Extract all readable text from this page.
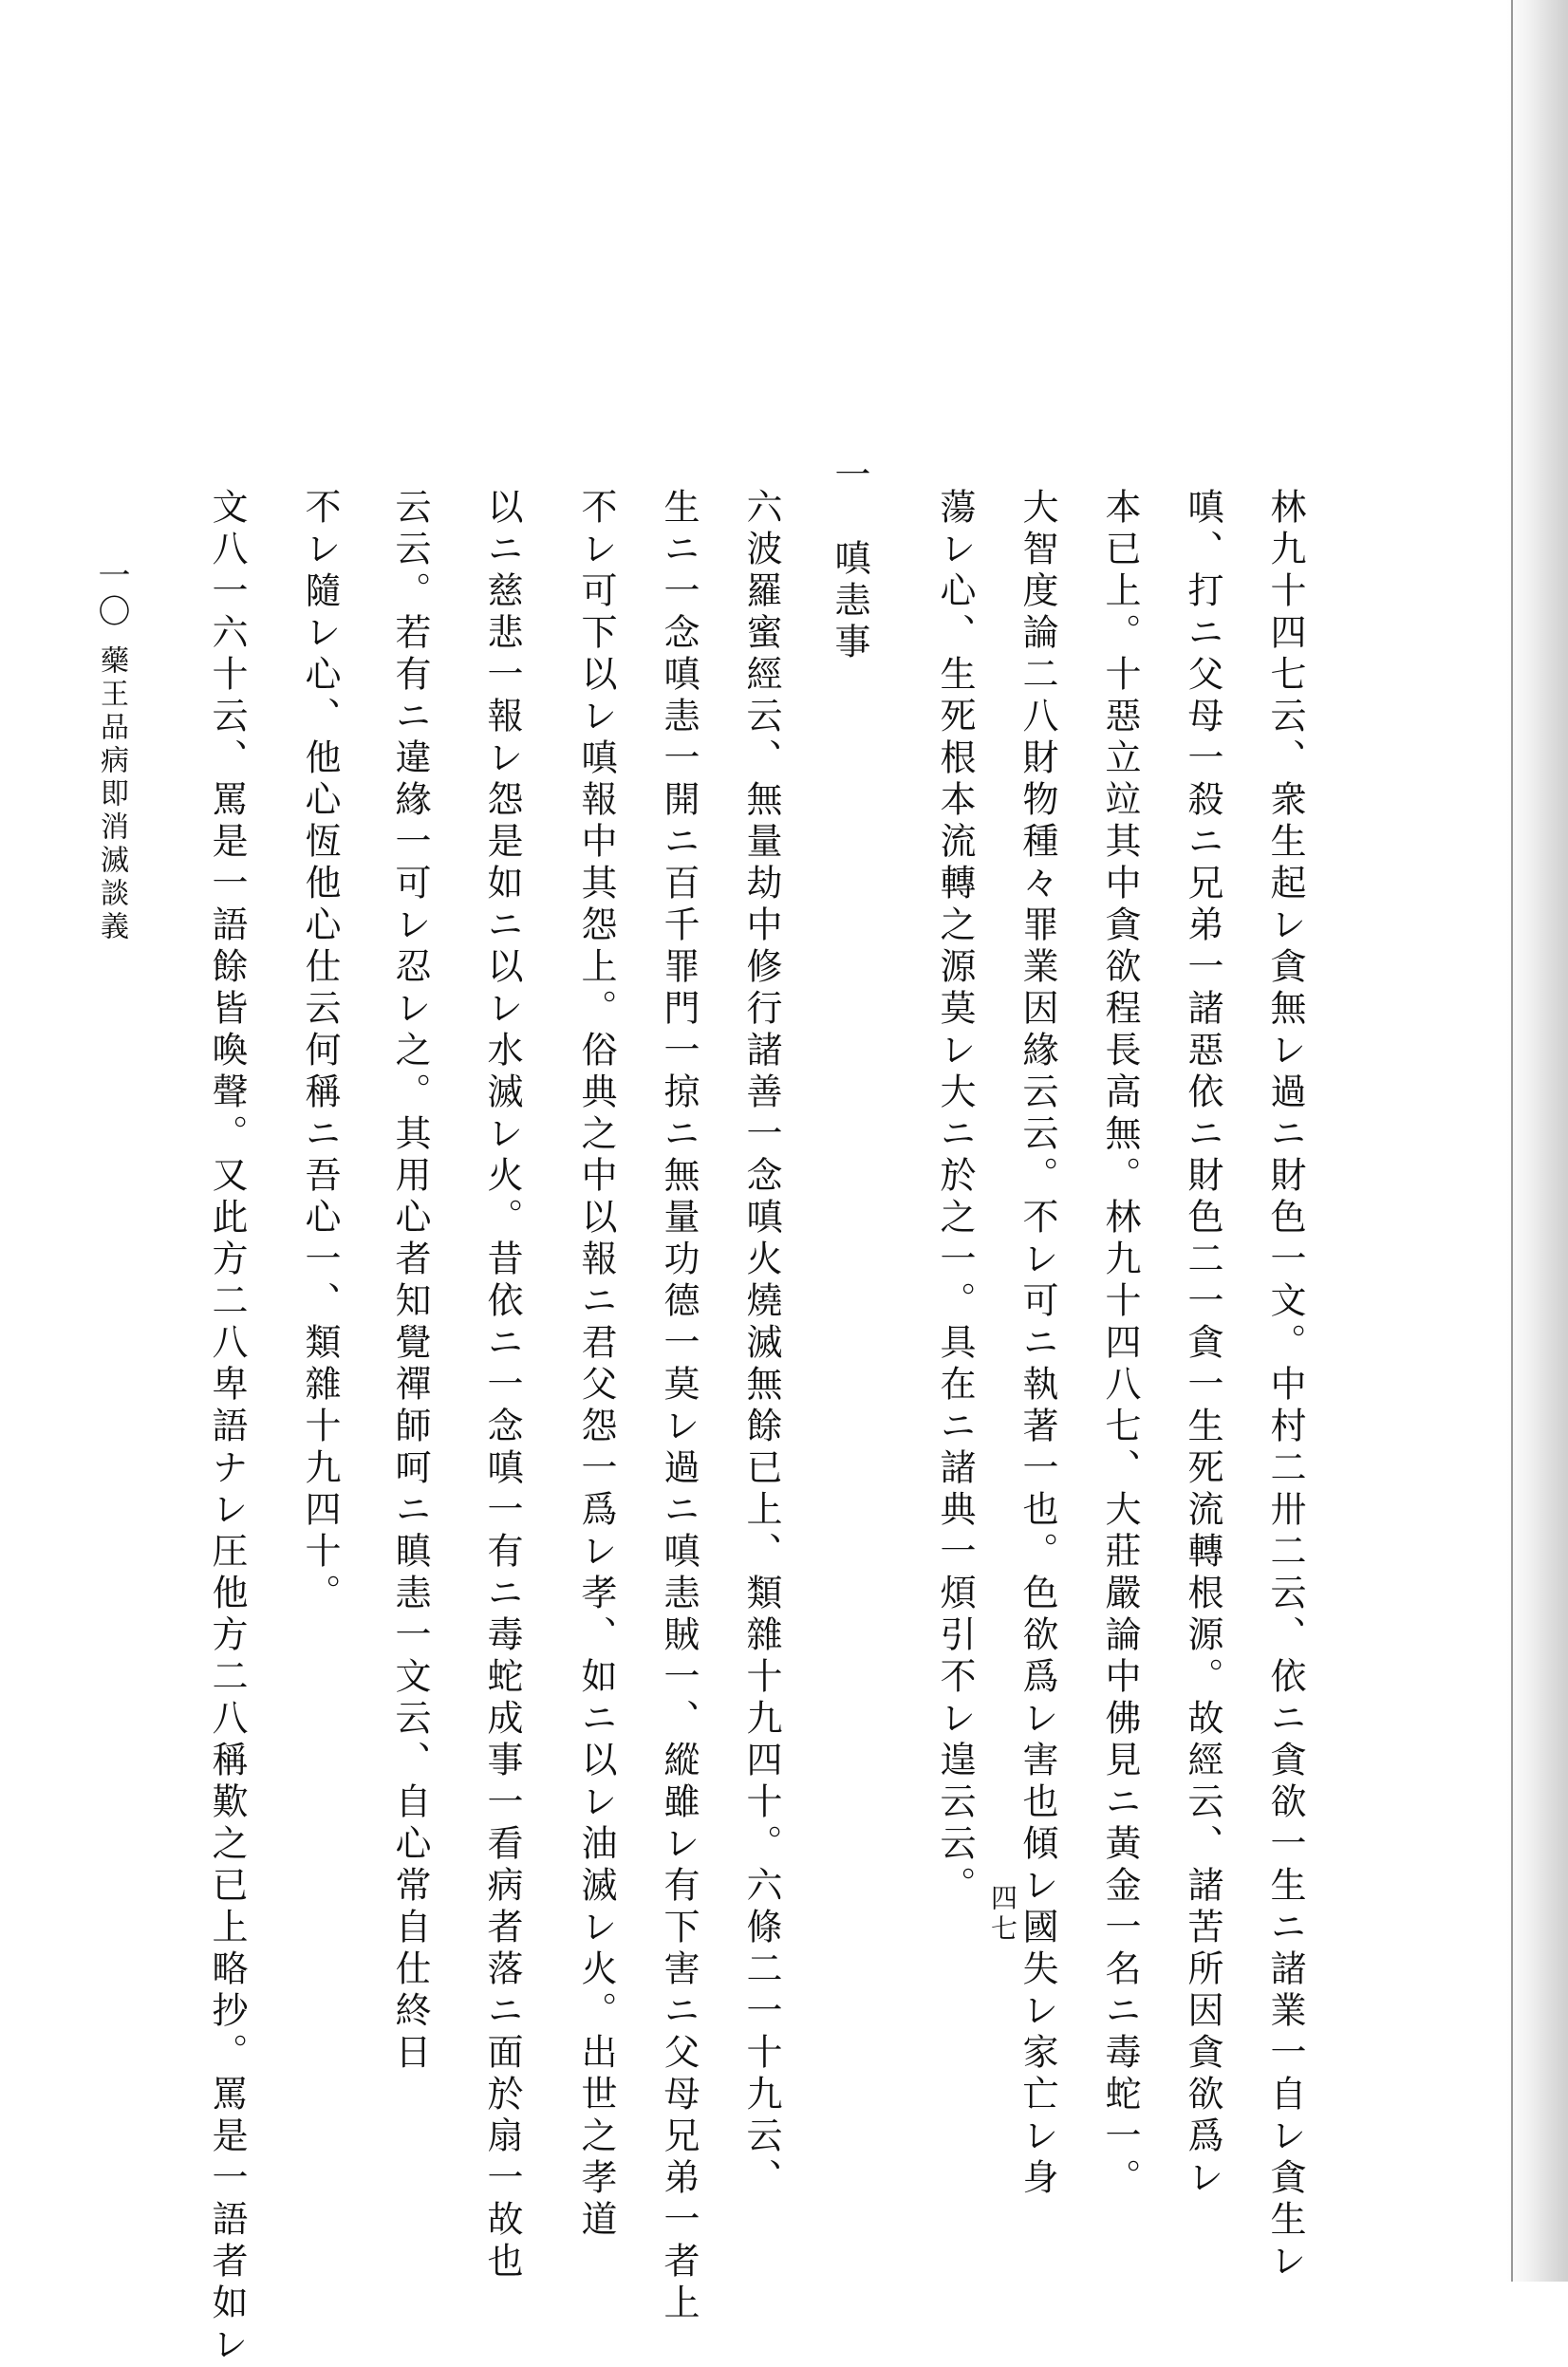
林九十四七云、衆生起レ貪無レ過ニ財色一文。中村二卅二云、依ニ貪欲一生ニ諸業一自レ貪生レ
嗔、打ニ父母一殺ニ兄弟一諸惡依ニ財色二一貪一生死流轉根源。故經云、諸苦所因貪欲爲レ
本已上。十惡立竝其中貪欲程長高無。林九十四八七、大莊嚴論中佛見ニ黃金一名ニ毒蛇一。
大智度論二八財物種々罪業因緣云云。不レ可ニ執著一也。色欲爲レ害也傾レ國失レ家亡レ身
蕩レ心、生死根本流轉之源莫レ大ニ於之一。具在ニ諸典一煩引不レ遑云云。
一　嗔恚事
六波羅蜜經云、無量劫中修行諸善一念嗔火燒滅無餘已上、類雜十九四十。六條二一十九云、
生ニ一念嗔恚一開ニ百千罪門一掠ニ無量功德一莫レ過ニ嗔恚賊一、縱雖レ有下害ニ父母兄弟一者上
不レ可下以レ嗔報中其怨上。俗典之中以報ニ君父怨一爲レ孝、如ニ以レ油滅レ火。出世之孝道
以ニ慈悲一報レ怨是如ニ以レ水滅レ火。昔依ニ一念嗔一有ニ毒蛇成事一看病者落ニ面於扇一故也
云云。若有ニ違緣一可レ忍レ之。其用心者知覺禪師呵ニ瞋恚一文云、自心常自仕終日
不レ隨レ心、他心恆他心仕云何稱ニ吾心一、類雜十九四十。
文八一六十云、罵是一語餘皆喚聲。又此方二八卑語ナレ圧他方二八稱歎之已上略抄。罵是一語者如レ
一〇
藥王品病即消滅談義
四七
